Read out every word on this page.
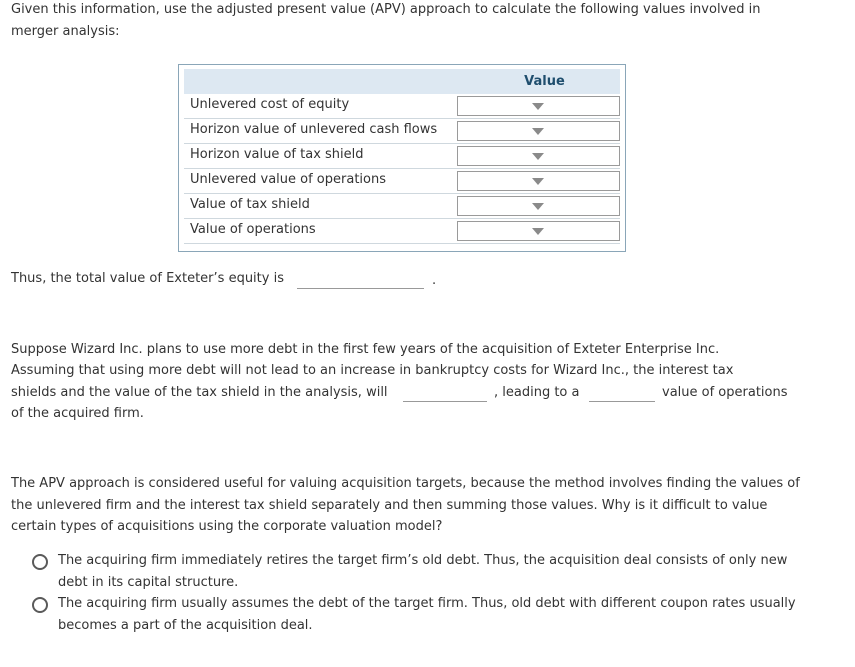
Given this information, use the adjusted present value (APV) approach to calculate the following values involved in merger analysis:

Value
Unlevered cost of equity
Horizon value of unlevered cash flows
Horizon value of tax shield
Unlevered value of operations
Value of tax shield
Value of operations

Thus, the total value of Exteter’s equity is	.

Suppose Wizard Inc. plans to use more debt in the first few years of the acquisition of Exteter Enterprise Inc.

Assuming that using more debt will not lead to an increase in bankruptcy costs for Wizard Inc., the interest tax

shields and the value of the tax shield in the analysis, will	, leading to a	value of operations

of the acquired firm.

The APV approach is considered useful for valuing acquisition targets, because the method involves finding the values of the unlevered firm and the interest tax shield separately and then summing those values. Why is it difficult to value certain types of acquisitions using the corporate valuation model?

The acquiring firm immediately retires the target firm’s old debt. Thus, the acquisition deal consists of only new debt in its capital structure.

The acquiring firm usually assumes the debt of the target firm. Thus, old debt with different coupon rates usually becomes a part of the acquisition deal.
